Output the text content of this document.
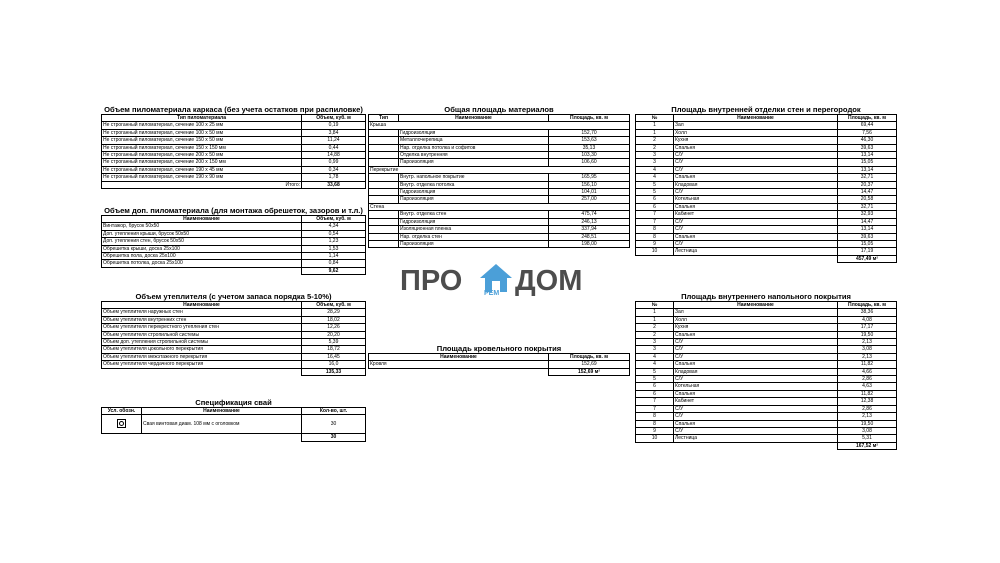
Объем пиломатериала каркаса (без учета остатков при распиловке)
Тип пиломатериала	Объем, куб. м
Не строганный пиломатериал, сечение 100 х 25 мм	0,19
Не строганный пиломатериал, сечение 100 х 50 мм	3,84
Не строганный пиломатериал, сечение 150 х 50 мм	11,24
Не строганный пиломатериал, сечение 150 х 150 мм	0,44
Не строганный пиломатериал, сечение 200 х 50 мм	14,88
Не строганный пиломатериал, сечение 200 х 150 мм	0,99
Не строганный пиломатериал, сечение 190 х 45 мм	0,34
Не строганный пиломатериал, сечение 190 х 90 мм	1,78
Итого:	33,68
Объем доп. пиломатериала (для монтажа обрешеток, зазоров и т.л.)
Наименование	Объем, куб. м
Винтажор, брусок 50х50	4,34
Доп. утепления крыши, брусок 50х50	0,54
Доп. утепления стен, брусок 50х50	1,23
Обрешетка крыши, доска 25х100	1,53
Обрешетка пола, доска 25х100	1,14
Обрешетка потолка, доска 25х100	0,84
	9,62
Объем утеплителя (с учетом запаса порядка 5-10%)
Наименование	Объем, куб. м
Объем утеплителя наружных стен	28,29
Объем утеплителя внутренних стен	18,02
Объем утеплителя перекрестного утепления стен	12,26
Объем утеплителя стропильной системы	20,20
Объем доп. утепления стропильной системы	5,39
Объем утеплителя цокольного перекрытия	18,72
Объем утеплителя межэтажного перекрытия	16,45
Объем утеплителя чердачного перекрытия	16,0
	135,33
Спецификация свай
Усл. обозн.	Наименование	Кол-во, шт.
	Свая винтовая диам. 108 мм с оголовком	30
		30
Общая площадь материалов
Тип	Наименование	Площадь, кв. м
Крыша		
	Гидроизоляция	152,70
	Металлочерепица	153,63
	Нар. отделка потолка и софитов	35,13
	Отделка внутренняя	103,30
	Пароизоляция	106,60
Перекрытие		
	Внутр. напольное покрытие	165,95
	Внутр. отделка потолка	156,10
	Гидроизоляция	104,01
	Пароизоляция	257,00
Стена		
	Внутр. отделка стен	475,74
	Гидроизоляция	246,13
	Изоляционная пленка	337,94
	Нар. отделка стен	248,51
	Пароизоляция	198,00
ПРО ДОМ
РЕМ
Площадь кровельного покрытия
Наименование	Площадь, кв. м
Кровля	152,69
	152,69 м²
Площадь внутренней отделки стен и перегородок
№	Наименование	Площадь, кв. м
1	Зал	69,44
1	Холл	7,56
2	Кухня	46,30
2	Спальня	39,63
3	С/У	13,14
3	С/У	15,05
4	С/У	13,14
4	Спальня	32,71
5	Кладовая	20,37
5	С/У	14,47
6	Котельная	20,58
6	Спальня	32,71
7	Кабинет	32,93
7	С/У	14,47
8	С/У	13,14
8	Спальня	39,63
9	С/У	15,05
10	Лестница	17,19
		457,49 м²
Площадь внутреннего напольного покрытия
№	Наименование	Площадь, кв. м
1	Зал	38,36
1	Холл	4,08
2	Кухня	17,17
2	Спальня	19,50
3	С/У	2,13
3	С/У	3,08
4	С/У	2,13
4	Спальня	11,82
5	Кладовая	4,66
5	С/У	2,86
6	Котельная	4,63
6	Спальня	11,82
7	Кабинет	12,38
7	С/У	2,86
8	С/У	2,13
8	Спальня	19,50
9	С/У	3,08
10	Лестница	5,31
		167,52 м²
